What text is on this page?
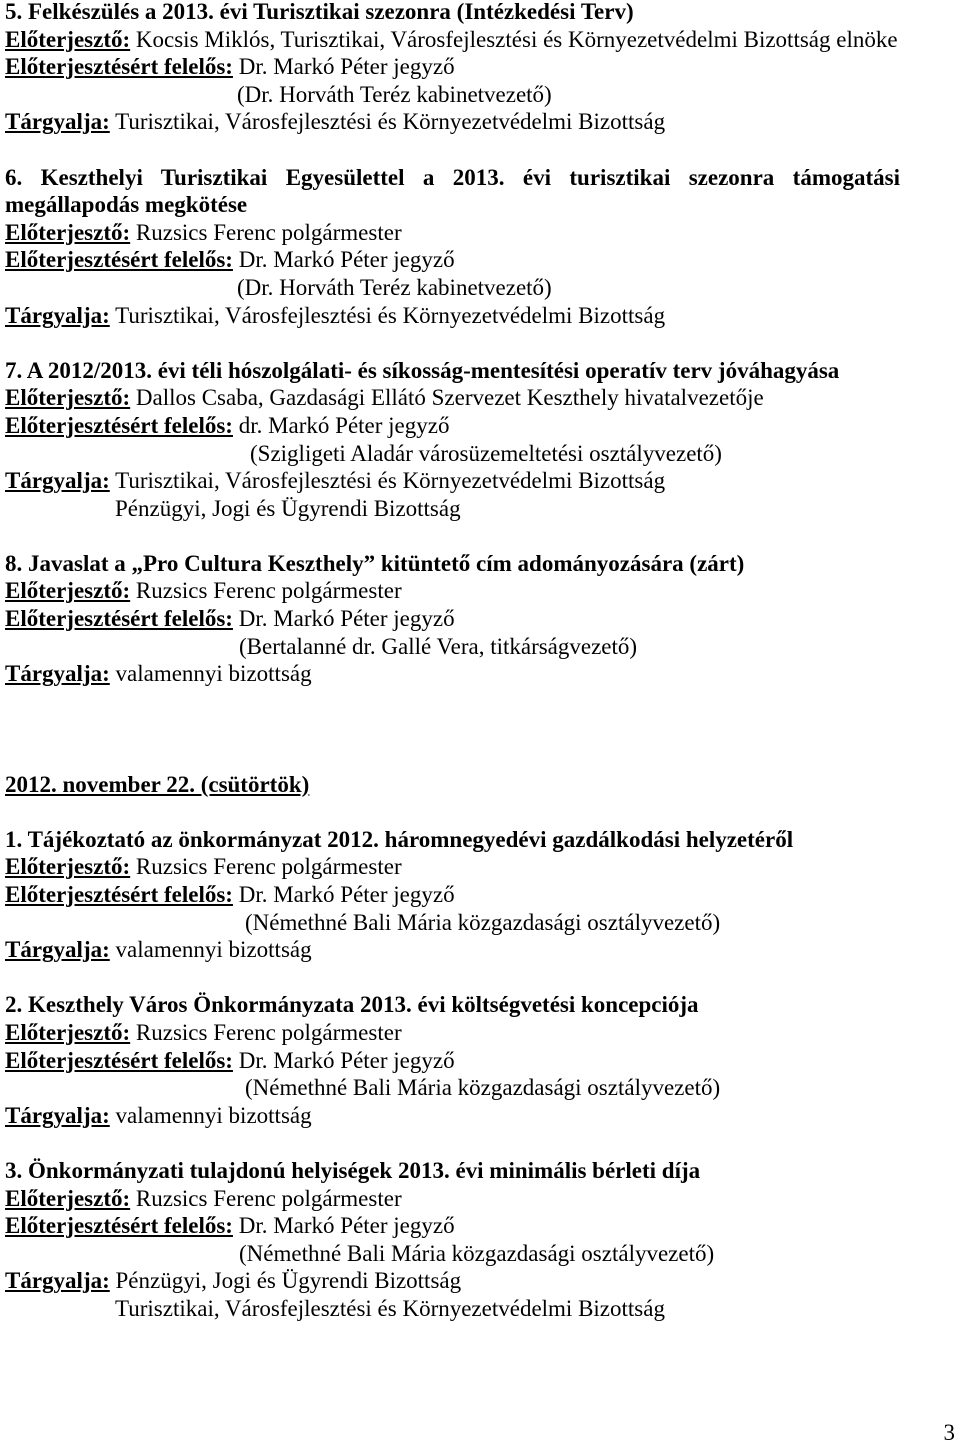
5. Felkészülés a 2013. évi Turisztikai szezonra (Intézkedési Terv)
Előterjesztő: Kocsis Miklós, Turisztikai, Városfejlesztési és Környezetvédelmi Bizottság elnöke
Előterjesztésért felelős: Dr. Markó Péter jegyző
(Dr. Horváth Teréz kabinetvezető)
Tárgyalja: Turisztikai, Városfejlesztési és Környezetvédelmi Bizottság
6. Keszthelyi Turisztikai Egyesülettel a 2013. évi turisztikai szezonra támogatási
megállapodás megkötése
Előterjesztő: Ruzsics Ferenc polgármester
Előterjesztésért felelős: Dr. Markó Péter jegyző
(Dr. Horváth Teréz kabinetvezető)
Tárgyalja: Turisztikai, Városfejlesztési és Környezetvédelmi Bizottság
7. A 2012/2013. évi téli hószolgálati- és síkosság-mentesítési operatív terv jóváhagyása
Előterjesztő: Dallos Csaba, Gazdasági Ellátó Szervezet Keszthely hivatalvezetője
Előterjesztésért felelős: dr. Markó Péter jegyző
(Szigligeti Aladár városüzemeltetési osztályvezető)
Tárgyalja: Turisztikai, Városfejlesztési és Környezetvédelmi Bizottság
Pénzügyi, Jogi és Ügyrendi Bizottság
8. Javaslat a „Pro Cultura Keszthely” kitüntető cím adományozására (zárt)
Előterjesztő: Ruzsics Ferenc polgármester
Előterjesztésért felelős: Dr. Markó Péter jegyző
(Bertalanné dr. Gallé Vera, titkárságvezető)
Tárgyalja: valamennyi bizottság
2012. november 22. (csütörtök)
1. Tájékoztató az önkormányzat 2012. háromnegyedévi gazdálkodási helyzetéről
Előterjesztő: Ruzsics Ferenc polgármester
Előterjesztésért felelős: Dr. Markó Péter jegyző
(Némethné Bali Mária közgazdasági osztályvezető)
Tárgyalja: valamennyi bizottság
2. Keszthely Város Önkormányzata 2013. évi költségvetési koncepciója
Előterjesztő: Ruzsics Ferenc polgármester
Előterjesztésért felelős: Dr. Markó Péter jegyző
(Némethné Bali Mária közgazdasági osztályvezető)
Tárgyalja: valamennyi bizottság
3. Önkormányzati tulajdonú helyiségek 2013. évi minimális bérleti díja
Előterjesztő: Ruzsics Ferenc polgármester
Előterjesztésért felelős: Dr. Markó Péter jegyző
(Némethné Bali Mária közgazdasági osztályvezető)
Tárgyalja: Pénzügyi, Jogi és Ügyrendi Bizottság
Turisztikai, Városfejlesztési és Környezetvédelmi Bizottság
3
